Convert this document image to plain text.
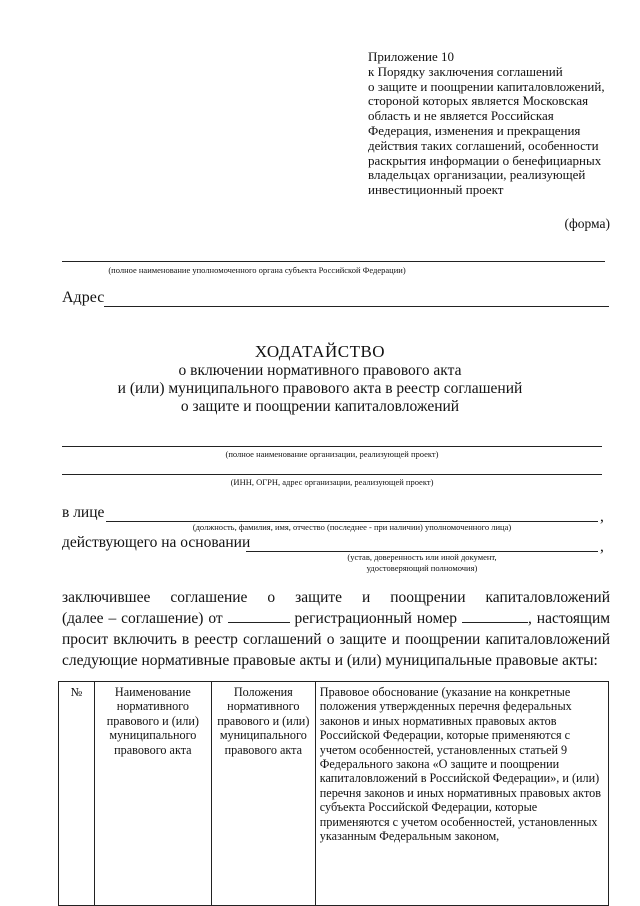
Приложение 10
к Порядку заключения соглашений
о защите и поощрении капиталовложений,
стороной которых является Московская
область и не является Российская
Федерация, изменения и прекращения
действия таких соглашений, особенности
раскрытия информации о бенефициарных
владельцах организации, реализующей
инвестиционный проект
(форма)
(полное наименование уполномоченного органа субъекта Российской Федерации)
Адрес
ХОДАТАЙСТВО
о включении нормативного правового акта
и (или) муниципального правового акта в реестр соглашений
о защите и поощрении капиталовложений
(полное наименование организации, реализующей проект)
(ИНН, ОГРН, адрес организации, реализующей проект)
в лице	,
(должность, фамилия, имя, отчество (последнее - при наличии) уполномоченного лица)
действующего на основании	,
(устав, доверенность или иной документ,
удостоверяющий полномочия)
заключившее соглашение о защите и поощрении капиталовложений
(далее – соглашение) от	регистрационный номер	, настоящим
просит включить в реестр соглашений о защите и поощрении капиталовложений
следующие нормативные правовые акты и (или) муниципальные правовые акты:
№	Наименование нормативного правового и (или) муниципального правового акта	Положения нормативного правового и (или) муниципального правового акта	Правовое обоснование (указание на конкретные положения утвержденных перечня федеральных законов и иных нормативных правовых актов Российской Федерации, которые применяются с учетом особенностей, установленных статьей 9 Федерального закона «О защите и поощрении капиталовложений в Российской Федерации», и (или) перечня законов и иных нормативных правовых актов субъекта Российской Федерации, которые применяются с учетом особенностей, установленных указанным Федеральным законом,
